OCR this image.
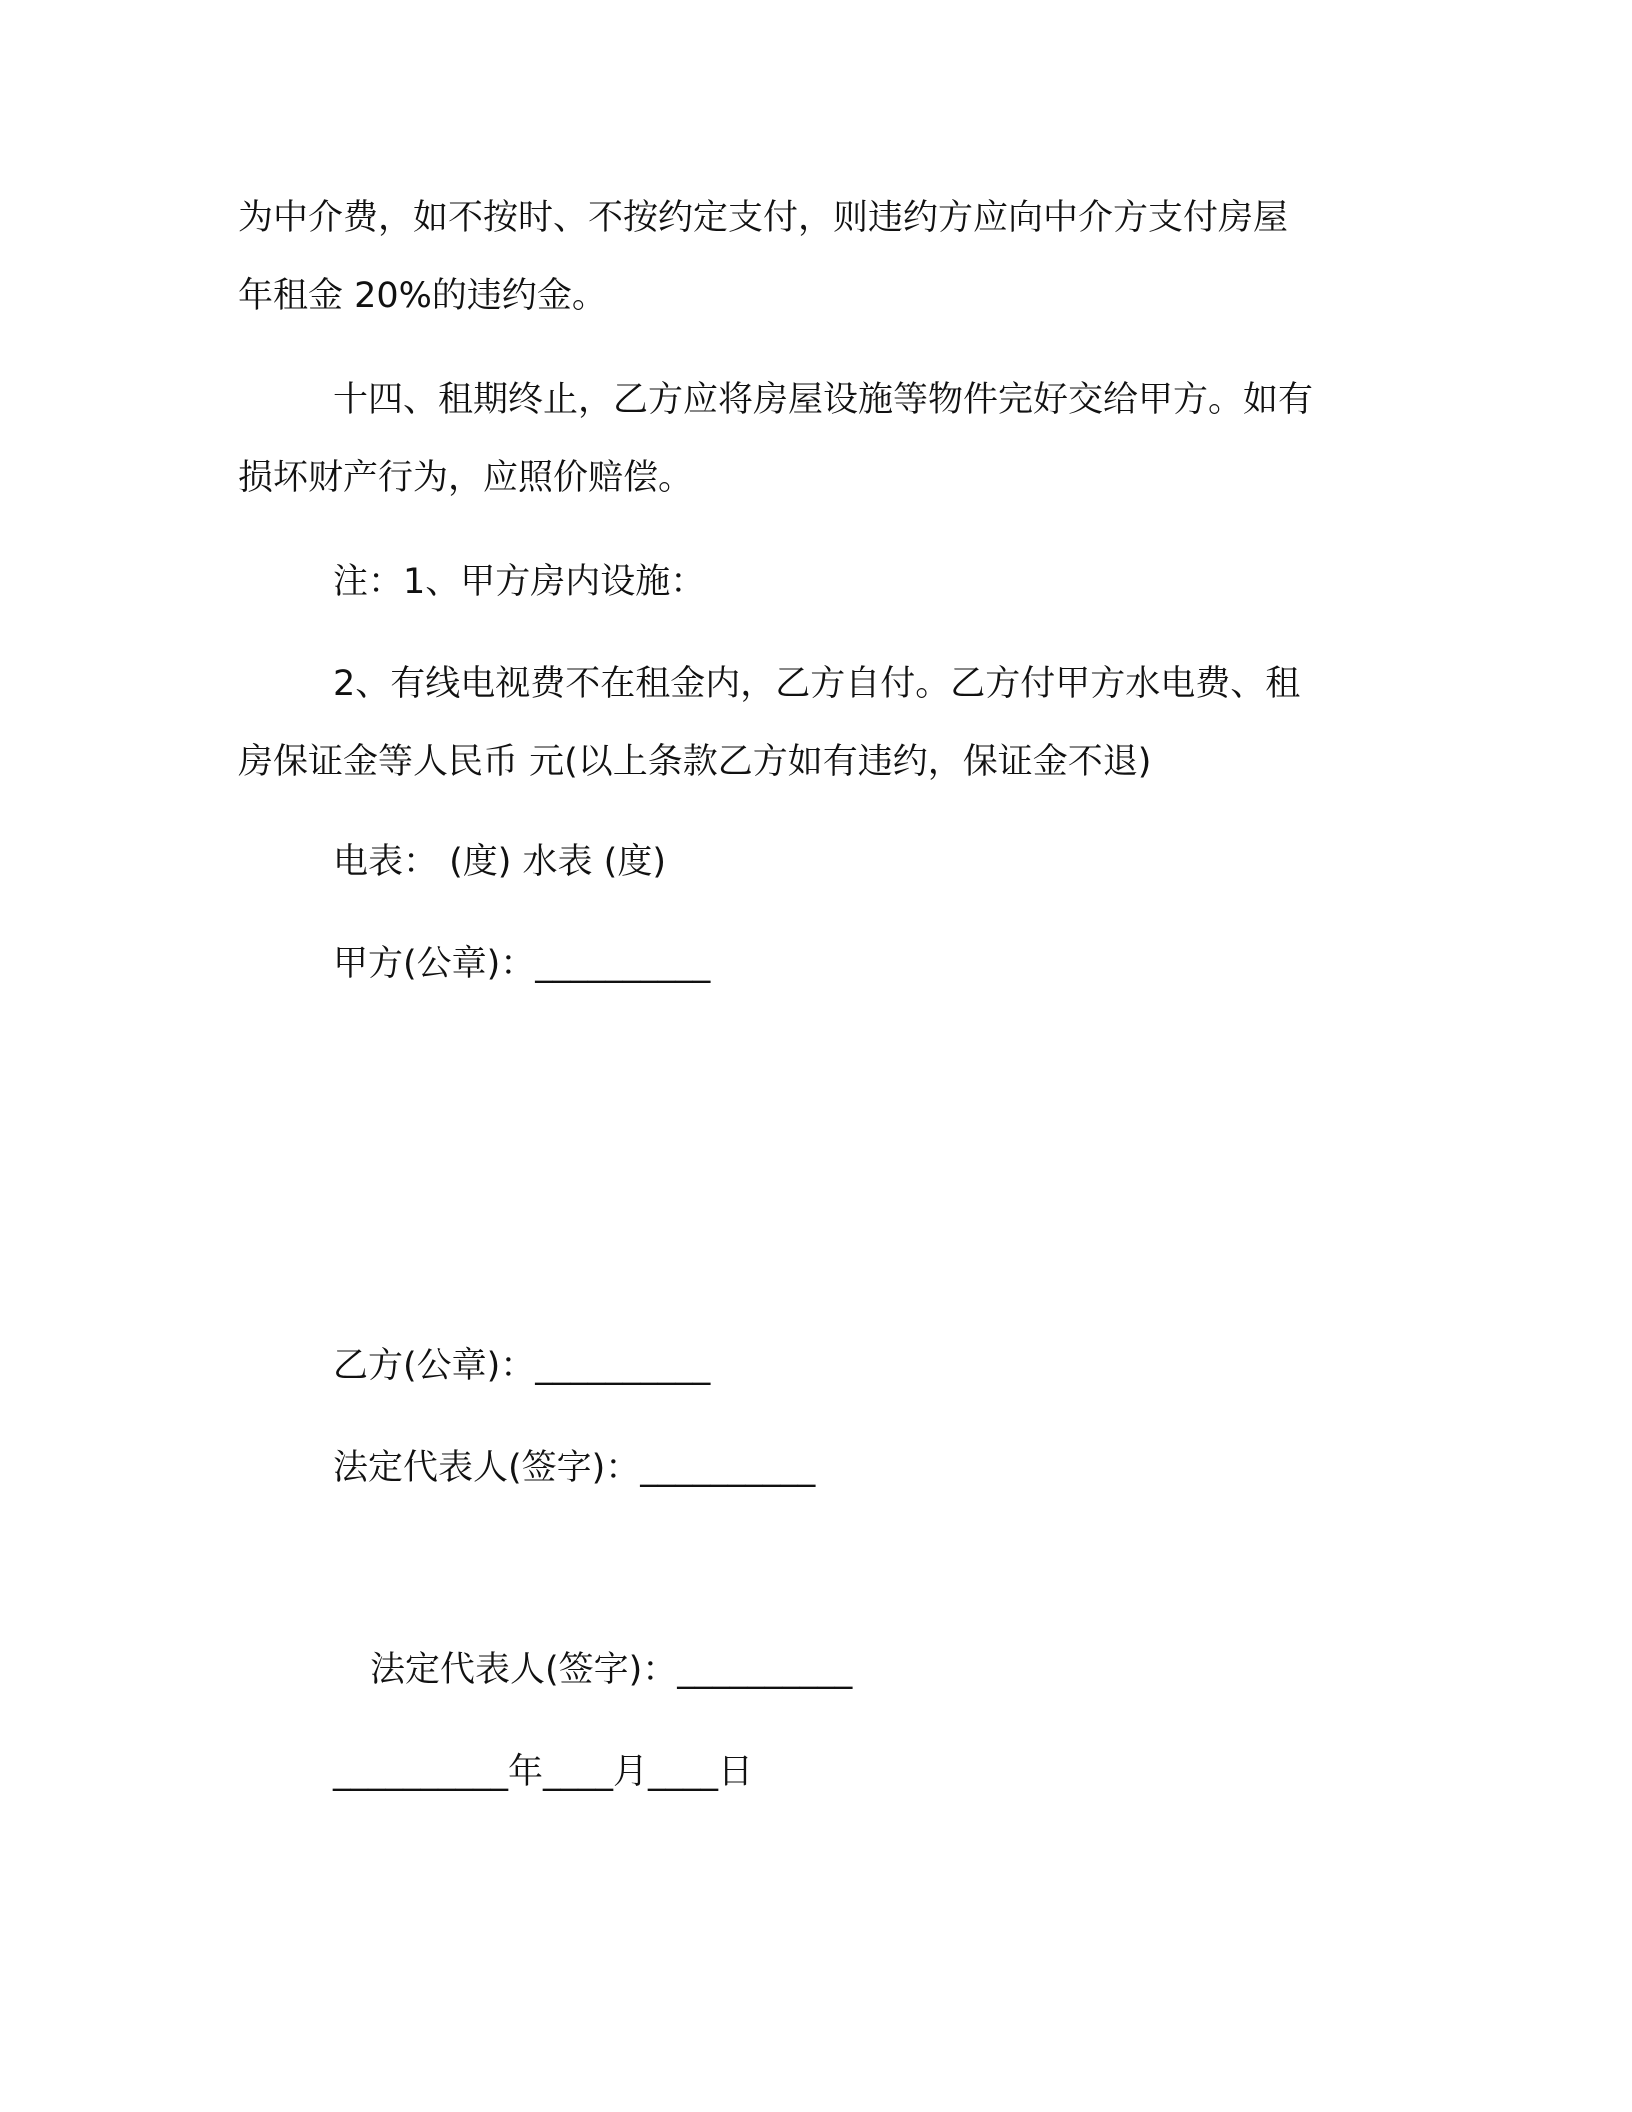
为中介费，如不按时、不按约定支付，则违约方应向中介方支付房屋

年租金 20%的违约金。

十四、租期终止，乙方应将房屋设施等物件完好交给甲方。如有

损坏财产行为，应照价赔偿。

注：1、甲方房内设施：

2、有线电视费不在租金内，乙方自付。乙方付甲方水电费、租

房保证金等人民币 元(以上条款乙方如有违约，保证金不退)

电表： (度) 水表 (度)

甲方(公章)：__________

乙方(公章)：__________

法定代表人(签字)：__________

法定代表人(签字)：__________

__________年____月____日
